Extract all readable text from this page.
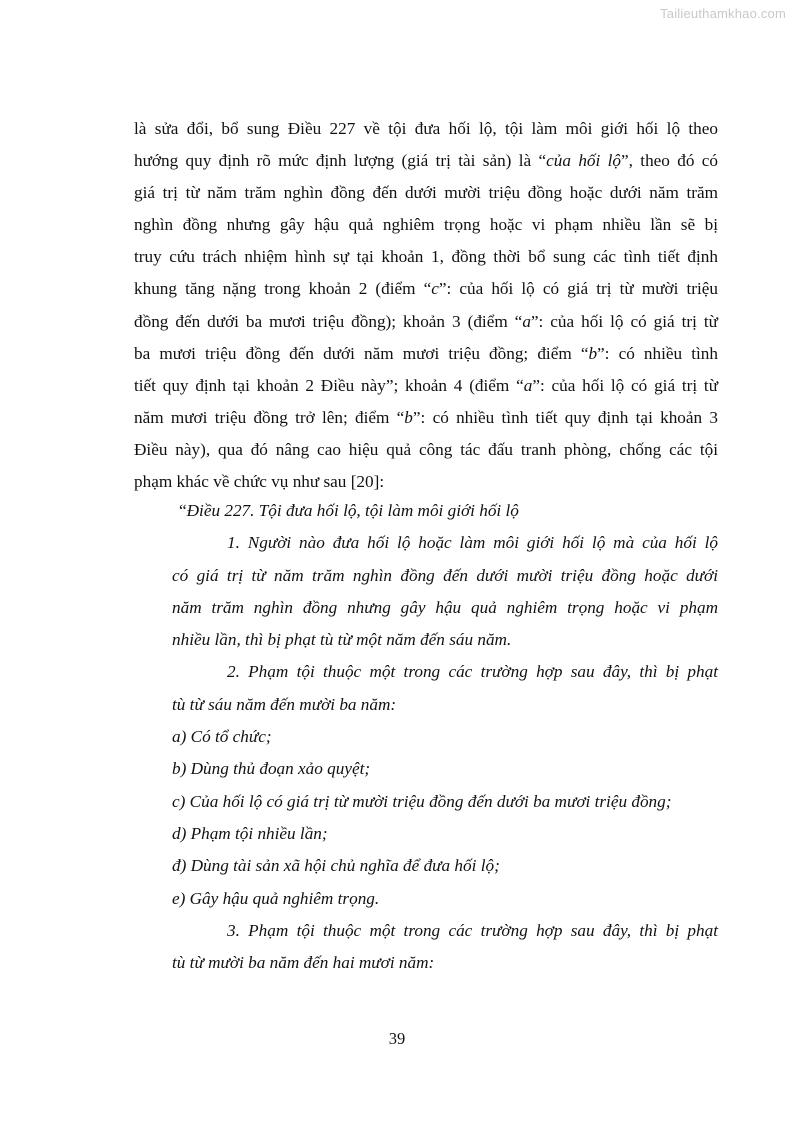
Tailieuthamkhao.com
là sửa đổi, bổ sung Điều 227 về tội đưa hối lộ, tội làm môi giới hối lộ theo
hướng quy định rõ mức định lượng (giá trị tài sản) là “của hối lộ”, theo đó có
giá trị từ năm trăm nghìn đồng đến dưới mười triệu đồng hoặc dưới năm trăm
nghìn đồng nhưng gây hậu quả nghiêm trọng hoặc vi phạm nhiều lần sẽ bị
truy cứu trách nhiệm hình sự tại khoản 1, đồng thời bổ sung các tình tiết định
khung tăng nặng trong khoản 2 (điểm “c”: của hối lộ có giá trị từ mười triệu
đồng đến dưới ba mươi triệu đồng); khoản 3 (điểm “a”: của hối lộ có giá trị từ
ba mươi triệu đồng đến dưới năm mươi triệu đồng; điểm “b”: có nhiều tình
tiết quy định tại khoản 2 Điều này”; khoản 4 (điểm “a”: của hối lộ có giá trị từ
năm mươi triệu đồng trở lên; điểm “b”: có nhiều tình tiết quy định tại khoản 3
Điều này), qua đó nâng cao hiệu quả công tác đấu tranh phòng, chống các tội
phạm khác về chức vụ như sau [20]:
“Điều 227. Tội đưa hối lộ, tội làm môi giới hối lộ
1. Người nào đưa hối lộ hoặc làm môi giới hối lộ mà của hối lộ
có giá trị từ năm trăm nghìn đồng đến dưới mười triệu đồng hoặc dưới
năm trăm nghìn đồng nhưng gây hậu quả nghiêm trọng hoặc vi phạm
nhiều lần, thì bị phạt tù từ một năm đến sáu năm.
2. Phạm tội thuộc một trong các trường hợp sau đây, thì bị phạt
tù từ sáu năm đến mười ba năm:
a) Có tổ chức;
b) Dùng thủ đoạn xảo quyệt;
c) Của hối lộ có giá trị từ mười triệu đồng đến dưới ba mươi triệu đồng;
d) Phạm tội nhiều lần;
đ) Dùng tài sản xã hội chủ nghĩa để đưa hối lộ;
e) Gây hậu quả nghiêm trọng.
3. Phạm tội thuộc một trong các trường hợp sau đây, thì bị phạt
tù từ mười ba năm đến hai mươi năm:
39
